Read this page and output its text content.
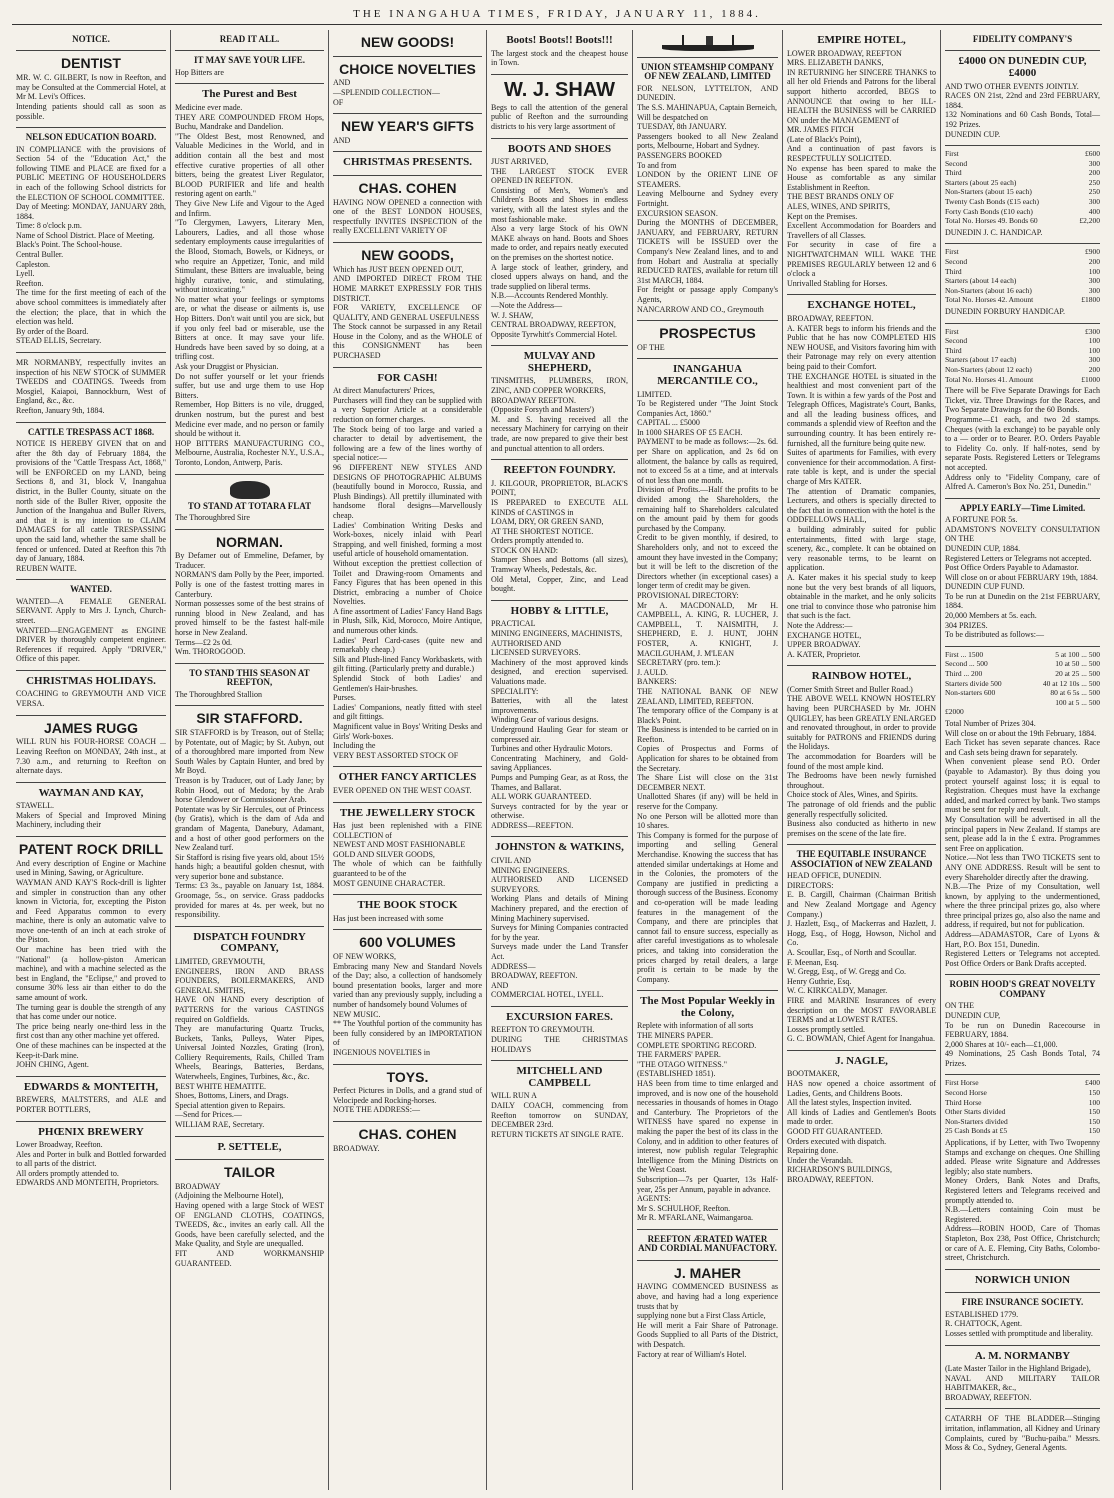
THE INANGAHUA TIMES, FRIDAY, JANUARY 11, 1884.
NOTICE.
DENTIST
MR. W. C. GILBERT, Is now in Reefton, and may be Consulted at the Commercial Hotel, at Mr M. Levi's Offices.
Intending patients should call as soon as possible.
NELSON EDUCATION BOARD.
IN COMPLIANCE with the provisions of Section 54 of the "Education Act," the following TIME and PLACE are fixed for a PUBLIC MEETING OF HOUSEHOLDERS in each of the following School districts for the ELECTION OF SCHOOL COMMITTEE.
Day of Meeting: MONDAY, JANUARY 28th, 1884.
Time: 8 o'clock p.m.
Name of School District. Place of Meeting.
Black's Point. The School-house.
Central Buller.
Capleston.
Lyell.
Reefton.
The time for the first meeting of each of the above school committees is immediately after the election; the place, that in which the election was held.
By order of the Board.
STEAD ELLIS, Secretary.
MR NORMANBY, respectfully invites an inspection of his NEW STOCK of SUMMER TWEEDS and COATINGS. Tweeds from Mosgiel, Kaiapoi, Bannockburn, West of England, &c., &c.
Reefton, January 9th, 1884.
CATTLE TRESPASS ACT 1868.
NOTICE IS HEREBY GIVEN that on and after the 8th day of February 1884, the provisions of the "Cattle Trespass Act, 1868," will be ENFORCED on my LAND, being Sections 8, and 31, block V, Inangahua district, in the Buller County, situate on the north side of the Buller River, opposite the Junction of the Inangahua and Buller Rivers, and that it is my intention to CLAIM DAMAGES for all cattle TRESPASSING upon the said land, whether the same shall be fenced or unfenced. Dated at Reefton this 7th day of January, 1884.
REUBEN WAITE.
WANTED.
WANTED—A FEMALE GENERAL SERVANT. Apply to Mrs J. Lynch, Church-street.
WANTED—ENGAGEMENT as ENGINE DRIVER by thoroughly competent engineer. References if required. Apply "DRIVER," Office of this paper.
CHRISTMAS HOLIDAYS.
COACHING to GREYMOUTH AND VICE VERSA.
JAMES RUGG
WILL RUN his FOUR-HORSE COACH ... Leaving Reefton on MONDAY, 24th inst., at 7.30 a.m., and returning to Reefton on alternate days.
WAYMAN AND KAY,
STAWELL.
Makers of Special and Improved Mining Machinery, including their
PATENT ROCK DRILL
And every description of Engine or Machine used in Mining, Sawing, or Agriculture.
WAYMAN AND KAY'S Rock-drill is lighter and simpler in construction than any other known in Victoria, for, excepting the Piston and Feed Apparatus common to every machine, there is only an automatic valve to move one-tenth of an inch at each stroke of the Piston.
Our machine has been tried with the "National" (a hollow-piston American machine), and with a machine selected as the best in England, the "Eclipse," and proved to consume 30% less air than either to do the same amount of work.
The turning gear is double the strength of any that has come under our notice.
The price being nearly one-third less in the first cost than any other machine yet offered.
One of these machines can be inspected at the Keep-it-Dark mine.
JOHN CHING, Agent.
EDWARDS & MONTEITH,
BREWERS, MALTSTERS, and ALE and PORTER BOTTLERS,
PHŒNIX BREWERY
Lower Broadway, Reefton.
Ales and Porter in bulk and Bottled forwarded to all parts of the district.
All orders promptly attended to.
EDWARDS AND MONTEITH, Proprietors.
READ IT ALL.
IT MAY SAVE YOUR LIFE.
Hop Bitters are
The Purest and Best
Medicine ever made.
THEY ARE COMPOUNDED FROM Hops, Buchu, Mandrake and Dandelion.
"The Oldest Best, most Renowned, and Valuable Medicines in the World, and in addition contain all the best and most effective curative properties of all other bitters, being the greatest Liver Regulator, BLOOD PURIFIER and life and health restoring agent on earth."
They Give New Life and Vigour to the Aged and Infirm.
"To Clergymen, Lawyers, Literary Men, Labourers, Ladies, and all those whose sedentary employments cause irregularities of the Blood, Stomach, Bowels, or Kidneys, or who require an Appetizer, Tonic, and mild Stimulant, these Bitters are invaluable, being highly curative, tonic, and stimulating, without intoxicating."
No matter what your feelings or symptoms are, or what the disease or ailments is, use Hop Bitters. Don't wait until you are sick, but if you only feel bad or miserable, use the Bitters at once. It may save your life. Hundreds have been saved by so doing, at a trifling cost.
Ask your Druggist or Physician.
Do not suffer yourself or let your friends suffer, but use and urge them to use Hop Bitters.
Remember, Hop Bitters is no vile, drugged, drunken nostrum, but the purest and best Medicine ever made, and no person or family should be without it.
HOP BITTERS MANUFACTURING CO., Melbourne, Australia, Rochester N.Y., U.S.A., Toronto, London, Antwerp, Paris.
TO STAND AT TOTARA FLAT
The Thoroughbred Sire
NORMAN.
By Defamer out of Emmeline, Defamer, by Traducer.
NORMAN'S dam Polly by the Peer, imported. Polly is one of the fastest trotting mares in Canterbury.
Norman possesses some of the best strains of running blood in New Zealand, and has proved himself to be the fastest half-mile horse in New Zealand.
Terms—£2 2s 0d.
Wm. THOROGOOD.
TO STAND THIS SEASON AT REEFTON,
The Thoroughbred Stallion
SIR STAFFORD.
SIR STAFFORD is by Treason, out of Stella; by Potentate, out of Magic; by St. Aubyn, out of a thoroughbred mare imported from New South Wales by Captain Hunter, and bred by Mr Boyd.
Treason is by Traducer, out of Lady Jane; by Robin Hood, out of Medora; by the Arab horse Glendower or Commissioner Arab.
Potentate was by Sir Hercules, out of Princess (by Gratis), which is the dam of Ada and grandam of Magenta, Danebury, Adamant, and a host of other good performers on the New Zealand turf.
Sir Stafford is rising five years old, about 15½ hands high; a beautiful golden chesnut, with very superior bone and substance.
Terms: £3 3s., payable on January 1st, 1884. Groomage, 5s., on service. Grass paddocks provided for mares at 4s. per week, but no responsibility.
DISPATCH FOUNDRY COMPANY,
LIMITED, GREYMOUTH,
ENGINEERS, IRON AND BRASS FOUNDERS, BOILERMAKERS, AND GENERAL SMITHS,
HAVE ON HAND every description of PATTERNS for the various CASTINGS required on Goldfields.
They are manufacturing Quartz Trucks, Buckets, Tanks, Pulleys, Water Pipes, Universal Jointed Nozzles, Grating (Iron), Colliery Requirements, Rails, Chilled Tram Wheels, Bearings, Batteries, Berdans, Waterwheels, Engines, Turbines, &c., &c.
BEST WHITE HEMATITE.
Shoes, Bottoms, Liners, and Drags.
Special attention given to Repairs.
—Send for Prices.—
WILLIAM RAE, Secretary.
P. SETTELE,
TAILOR
BROADWAY
(Adjoining the Melbourne Hotel),
Having opened with a large Stock of WEST OF ENGLAND CLOTHS, COATINGS, TWEEDS, &c., invites an early call. All the Goods, have been carefully selected, and the Make Quality, and Style are unequalled.
FIT AND WORKMANSHIP GUARANTEED.
NEW GOODS!
CHOICE NOVELTIES
AND
—SPLENDID COLLECTION—
OF
NEW YEAR'S GIFTS
AND
CHRISTMAS PRESENTS.
CHAS. COHEN
HAVING NOW OPENED a connection with one of the BEST LONDON HOUSES, respectfully INVITES INSPECTION of the really EXCELLENT VARIETY OF
NEW GOODS,
Which has JUST BEEN OPENED OUT,
AND IMPORTED DIRECT FROM THE HOME MARKET EXPRESSLY FOR THIS DISTRICT.
FOR VARIETY, EXCELLENCE OF QUALITY, AND GENERAL USEFULNESS
The Stock cannot be surpassed in any Retail House in the Colony, and as the WHOLE of this CONSIGNMENT has been PURCHASED
FOR CASH!
At direct Manufacturers' Prices,
Purchasers will find they can be supplied with a very Superior Article at a considerable reduction on former charges.
The Stock being of too large and varied a character to detail by advertisement, the following are a few of the lines worthy of special notice:—
96 DIFFERENT NEW STYLES AND DESIGNS OF PHOTOGRAPHIC ALBUMS (beautifully bound in Morocco, Russia, and Plush Bindings). All prettily illuminated with handsome floral designs—Marvellously cheap.
Ladies' Combination Writing Desks and Work-boxes, nicely inlaid with Pearl Strapping, and well finished, forming a most useful article of household ornamentation.
Without exception the prettiest collection of Toilet and Drawing-room Ornaments and Fancy Figures that has been opened in this District, embracing a number of Choice Novelties.
A fine assortment of Ladies' Fancy Hand Bags in Plush, Silk, Kid, Morocco, Moire Antique, and numerous other kinds.
Ladies' Pearl Card-cases (quite new and remarkably cheap.)
Silk and Plush-lined Fancy Workbaskets, with gilt fitting. (Particularly pretty and durable.)
Splendid Stock of both Ladies' and Gentlemen's Hair-brushes.
Purses.
Ladies' Companions, neatly fitted with steel and gilt fittings.
Magnificent value in Boys' Writing Desks and Girls' Work-boxes.
Including the
VERY BEST ASSORTED STOCK OF
OTHER FANCY ARTICLES
EVER OPENED ON THE WEST COAST.
THE JEWELLERY STOCK
Has just been replenished with a FINE COLLECTION of
NEWEST AND MOST FASHIONABLE
GOLD AND SILVER GOODS,
The whole of which can be faithfully guaranteed to be of the
MOST GENUINE CHARACTER.
THE BOOK STOCK
Has just been increased with some
600 VOLUMES
OF NEW WORKS,
Embracing many New and Standard Novels of the Day; also, a collection of handsomely bound presentation books, larger and more varied than any previously supply, including a number of handsomely bound Volumes of
NEW MUSIC.
** The Youthful portion of the community has been fully considered by an IMPORTATION of
INGENIOUS NOVELTIES in
TOYS.
Perfect Pictures in Dolls, and a grand stud of Velocipede and Rocking-horses.
NOTE THE ADDRESS:—
CHAS. COHEN
BROADWAY.
Boots! Boots!! Boots!!!
The largest stock and the cheapest house in Town.
W. J. SHAW
Begs to call the attention of the general public of Reefton and the surrounding districts to his very large assortment of
BOOTS AND SHOES
JUST ARRIVED,
THE LARGEST STOCK EVER OPENED IN REEFTON.
Consisting of Men's, Women's and Children's Boots and Shoes in endless variety, with all the latest styles and the most fashionable make.
Also a very large Stock of his OWN MAKE always on hand. Boots and Shoes made to order, and repairs neatly executed on the premises on the shortest notice.
A large stock of leather, grindery, and closed uppers always on hand, and the trade supplied on liberal terms.
N.B.—Accounts Rendered Monthly.
—Note the Address—
W. J. SHAW,
CENTRAL BROADWAY, REEFTON,
Opposite Tyrwhitt's Commercial Hotel.
MULVAY AND SHEPHERD,
TINSMITHS, PLUMBERS, IRON, ZINC, AND COPPER WORKERS,
BROADWAY REEFTON.
(Opposite Forsyth and Masters')
M. and S. having received all the necessary Machinery for carrying on their trade, are now prepared to give their best and punctual attention to all orders.
REEFTON FOUNDRY.
J. KILGOUR, PROPRIETOR, BLACK'S POINT,
IS PREPARED to EXECUTE ALL KINDS of CASTINGS in
LOAM, DRY, OR GREEN SAND,
AT THE SHORTEST NOTICE.
Orders promptly attended to.
STOCK ON HAND:
Stamper Shoes and Bottoms (all sizes), Tramway Wheels, Pedestals, &c.
Old Metal, Copper, Zinc, and Lead bought.
HOBBY & LITTLE,
PRACTICAL
MINING ENGINEERS, MACHINISTS,
AUTHORISED AND
LICENSED SURVEYORS.
Machinery of the most approved kinds designed, and erection supervised. Valuations made.
SPECIALITY:
Batteries, with all the latest improvements.
Winding Gear of various designs.
Underground Hauling Gear for steam or compressed air.
Turbines and other Hydraulic Motors.
Concentrating Machinery, and Gold-saving Appliances.
Pumps and Pumping Gear, as at Ross, the Thames, and Ballarat.
ALL WORK GUARANTEED.
Surveys contracted for by the year or otherwise.
ADDRESS—REEFTON.
JOHNSTON & WATKINS,
CIVIL AND
MINING ENGINEERS.
AUTHORISED AND LICENSED SURVEYORS.
Working Plans and details of Mining Machinery prepared, and the erection of Mining Machinery supervised.
Surveys for Mining Companies contracted for by the year.
Surveys made under the Land Transfer Act.
ADDRESS—
BROADWAY, REEFTON.
AND
COMMERCIAL HOTEL, LYELL.
EXCURSION FARES.
REEFTON TO GREYMOUTH.
DURING THE CHRISTMAS HOLIDAYS
MITCHELL AND CAMPBELL
WILL RUN A
DAILY COACH, commencing from Reefton tomorrow on SUNDAY, DECEMBER 23rd.
RETURN TICKETS AT SINGLE RATE.
UNION STEAMSHIP COMPANY OF NEW ZEALAND, LIMITED
FOR NELSON, LYTTELTON, AND DUNEDIN.
The S.S. MAHINAPUA, Captain Berneich,
Will be despatched on
TUESDAY, 8th JANUARY.
Passengers booked to all New Zealand ports, Melbourne, Hobart and Sydney.
PASSENGERS BOOKED
To and from
LONDON by the ORIENT LINE OF STEAMERS.
Leaving Melbourne and Sydney every Fortnight.
EXCURSION SEASON.
During the MONTHS of DECEMBER, JANUARY, and FEBRUARY, RETURN TICKETS will be ISSUED over the Company's New Zealand lines, and to and from Hobart and Australia at specially REDUCED RATES, available for return till 31st MARCH, 1884.
For freight or passage apply Company's Agents,
NANCARROW AND CO., Greymouth
PROSPECTUS
OF THE
INANGAHUA MERCANTILE CO.,
LIMITED.
To be Registered under "The Joint Stock Companies Act, 1860."
CAPITAL ... £5000
In 1000 SHARES OF £5 EACH.
PAYMENT to be made as follows:—2s. 6d. per Share on application, and 2s 6d on allotment, the balance by calls as required, not to exceed 5s at a time, and at intervals of not less than one month.
Division of Profits.—Half the profits to be divided among the Shareholders, the remaining half to Shareholders calculated on the amount paid by them for goods purchased by the Company.
Credit to be given monthly, if desired, to Shareholders only, and not to exceed the amount they have invested in the Company; but it will be left to the discretion of the Directors whether (in exceptional cases) a longer term of credit may be given.
PROVISIONAL DIRECTORY:
Mr A. MACDONALD, Mr H. CAMPBELL, A. KING, R. LUCHER, J. CAMPBELL, T. NAISMITH, J. SHEPHERD, E. J. HUNT, JOHN FOSTER, A. KNIGHT, J. MACILGUHAM, J. M'LEAN
SECRETARY (pro. tem.):
J. AULD.
BANKERS:
THE NATIONAL BANK OF NEW ZEALAND, LIMITED, REEFTON.
The temporary office of the Company is at Black's Point.
The Business is intended to be carried on in Reefton.
Copies of Prospectus and Forms of Application for shares to be obtained from the Secretary.
The Share List will close on the 31st DECEMBER NEXT.
Unallotted Shares (if any) will be held in reserve for the Company.
No one Person will be allotted more than 10 shares.
This Company is formed for the purpose of importing and selling General Merchandise. Knowing the success that has attended similar undertakings at Home and in the Colonies, the promoters of the Company are justified in predicting a thorough success of the Business. Economy and co-operation will be made leading features in the management of the Company, and there are principles that cannot fail to ensure success, especially as after careful investigations as to wholesale prices, and taking into consideration the prices charged by retail dealers, a large profit is certain to be made by the Company.
The Most Popular Weekly in the Colony,
Replete with information of all sorts
THE MINERS PAPER.
COMPLETE SPORTING RECORD.
THE FARMERS' PAPER.
"THE OTAGO WITNESS."
(ESTABLISHED 1851).
HAS been from time to time enlarged and improved, and is now one of the household necessaries in thousands of homes in Otago and Canterbury. The Proprietors of the WITNESS have spared no expense in making the paper the best of its class in the Colony, and in addition to other features of interest, now publish regular Telegraphic Intelligence from the Mining Districts on the West Coast.
Subscription—7s per Quarter, 13s Half-year, 25s per Annum, payable in advance.
AGENTS:
Mr S. SCHULHOF, Reefton.
Mr R. M'FARLANE, Waimangaroa.
REEFTON ÆRATED WATER AND CORDIAL MANUFACTORY.
J. MAHER
HAVING COMMENCED BUSINESS as above, and having had a long experience trusts that by
supplying none but a First Class Article,
He will merit a Fair Share of Patronage. Goods Supplied to all Parts of the District, with Despatch.
Factory at rear of William's Hotel.
EMPIRE HOTEL,
LOWER BROADWAY, REEFTON
MRS. ELIZABETH DANKS,
IN RETURNING her SINCERE THANKS to all her old Friends and Patrons for the liberal support hitherto accorded, BEGS to ANNOUNCE that owing to her ILL-HEALTH the BUSINESS will be CARRIED ON under the MANAGEMENT of
MR. JAMES FITCH
(Late of Black's Point),
And a continuation of past favors is RESPECTFULLY SOLICITED.
No expense has been spared to make the House as comfortable as any similar Establishment in Reefton.
THE BEST BRANDS ONLY OF
ALES, WINES, AND SPIRITS,
Kept on the Premises.
Excellent Accommodation for Boarders and Travellers of all Classes.
For security in case of fire a NIGHTWATCHMAN WILL WAKE THE PREMISES REGULARLY between 12 and 6 o'clock a
Unrivalled Stabling for Horses.
EXCHANGE HOTEL,
BROADWAY, REEFTON.
A. KATER begs to inform his friends and the Public that he has now COMPLETED HIS NEW HOUSE, and Visitors favoring him with their Patronage may rely on every attention being paid to their Comfort.
THE EXCHANGE HOTEL is situated in the healthiest and most convenient part of the Town. It is within a few yards of the Post and Telegraph Offices, Magistrate's Court, Banks, and all the leading business offices, and commands a splendid view of Reefton and the surrounding country. It has been entirely re-furnished, all the furniture being quite new.
Suites of apartments for Families, with every convenience for their accommodation. A first-rate table is kept, and is under the special charge of Mrs KATER.
The attention of Dramatic companies, Lecturers, and others is specially directed to the fact that in connection with the hotel is the
ODDFELLOWS HALL,
a building admirably suited for public entertainments, fitted with large stage, scenery, &c., complete. It can be obtained on very reasonable terms, to be learnt on application.
A. Kater makes it his special study to keep none but the very best brands of all liquors, obtainable in the market, and he only solicits one trial to convince those who patronise him that such is the fact.
Note the Address:—
EXCHANGE HOTEL,
UPPER BROADWAY.
A. KATER, Proprietor.
RAINBOW HOTEL,
(Corner Smith Street and Buller Road.)
THE ABOVE WELL KNOWN HOSTELRY having been PURCHASED by Mr. JOHN QUIGLEY, has been GREATLY ENLARGED and renovated throughout, in order to provide suitably for PATRONS and FRIENDS during the Holidays.
The accommodation for Boarders will be found of the most ample kind.
The Bedrooms have been newly furnished throughout.
Choice stock of Ales, Wines, and Spirits.
The patronage of old friends and the public generally respectfully solicited.
Business also conducted as hitherto in new premises on the scene of the late fire.
THE EQUITABLE INSURANCE ASSOCIATION of NEW ZEALAND
HEAD OFFICE, DUNEDIN.
DIRECTORS:
E. B. Cargill, Chairman (Chairman British and New Zealand Mortgage and Agency Company.)
J. Hazlett, Esq., of Mackerras and Hazlett, J. Hogg, Esq., of Hogg, Howson, Nichol and Co.
A. Scoullar, Esq., of North and Scoullar.
F. Meenan, Esq.
W. Gregg, Esq., of W. Gregg and Co.
Henry Guthrie, Esq.
W. C. KIRKCALDY, Manager.
FIRE and MARINE Insurances of every description on the MOST FAVORABLE TERMS and at LOWEST RATES.
Losses promptly settled.
G. C. BOWMAN, Chief Agent for Inangahua.
J. NAGLE,
BOOTMAKER,
HAS now opened a choice assortment of Ladies, Gents, and Childrens Boots.
All the latest styles, Inspection invited.
All kinds of Ladies and Gentlemen's Boots made to order.
GOOD FIT GUARANTEED.
Orders executed with dispatch.
Repairing done.
Under the Verandah.
RICHARDSON'S BUILDINGS,
BROADWAY, REEFTON.
FIDELITY COMPANY'S
£4000 ON DUNEDIN CUP, £4000
AND TWO OTHER EVENTS JOINTLY.
RACES ON 21st, 22nd and 23rd FEBRUARY, 1884.
132 Nominations and 60 Cash Bonds, Total—192 Prizes.
DUNEDIN CUP.
First	£600
Second	300
Third	200
Starters (about 25 each)	250
Non-Starters (about 15 each)	250
Twenty Cash Bonds (£15 each)	300
Forty Cash Bonds (£10 each)	400
Total No. Horses 49. Bonds 60	£2,200
DUNEDIN J. C. HANDICAP.
First	£900
Second	200
Third	100
Starters (about 14 each)	300
Non-Starters (about 16 each)	300
Total No. Horses 42. Amount	£1800
DUNEDIN FORBURY HANDICAP.
First	£300
Second	100
Third	100
Starters (about 17 each)	300
Non-Starters (about 12 each)	200
Total No. Horses 41. Amount	£1000
There will be Five Separate Drawings for Each Ticket, viz. Three Drawings for the Races, and Two Separate Drawings for the 60 Bonds.
Programme—£1 each, and two 2d stamps. Cheques (with la exchange) to be payable only to a — order or to Bearer. P.O. Orders Payable to Fidelity Co. only. If half-notes, send by separate Posts. Registered Letters or Telegrams not accepted.
Address only to "Fidelity Company, care of Alfred A. Cameron's Box No. 251, Dunedin."
APPLY EARLY—Time Limited.
A FORTUNE FOR 5s.
ADAMSTON'S NOVELTY CONSULTATION ON THE
DUNEDIN CUP, 1884.
Registered Letters or Telegrams not accepted.
Post Office Orders Payable to Adamastor.
Will close on or about FEBRUARY 19th, 1884.
DUNEDIN CUP FUND.
To be run at Dunedin on the 21st FEBRUARY, 1884.
20,000 Members at 5s. each.
304 PRIZES.
To be distributed as follows:—
First ... 1500	5 at 100 ... 500
Second ... 500	10 at 50 ... 500
Third ... 200	20 at 25 ... 500
Starters divide 500	40 at 12 10s ... 500
Non-starters 600	80 at 6 5s ... 500
	100 at 5 ... 500
£2000	
Total Number of Prizes 304.
Will close on or about the 19th February, 1884.
Each Ticket has seven separate chances. Race and Cash sets being drawn for separately.
When convenient please send P.O. Order (payable to Adamastor). By thus doing you protect yourself against loss; it is equal to Registration. Cheques must have la exchange added, and marked correct by bank. Two stamps must be sent for reply and result.
My Consultation will be advertised in all the principal papers in New Zealand. If stamps are sent, please add la in the £ extra. Programmes sent Free on application.
Notice.—Not less than TWO TICKETS sent to ANY ONE ADDRESS. Result will be sent to every Shareholder directly after the drawing.
N.B.—The Prize of my Consultation, well known, by applying to the undermentioned, where the three principal prizes go, also where three principal prizes go, also also the name and address, if required, but not for publication.
Address—ADAMASTOR, Care of Lyons & Hart, P.O. Box 151, Dunedin.
Registered Letters or Telegrams not accepted. Post Office Orders or Bank Drafts accepted.
ROBIN HOOD'S GREAT NOVELTY COMPANY
ON THE
DUNEDIN CUP,
To be run on Dunedin Racecourse in FEBRUARY, 1884.
2,000 Shares at 10/- each—£1,000.
49 Nominations, 25 Cash Bonds Total, 74 Prizes.
First Horse	£400
Second Horse	150
Third Horse	100
Other Starts divided	150
Non-Starters divided	150
25 Cash Bonds at £5	150
Applications, if by Letter, with Two Twopenny Stamps and exchange on cheques. One Shilling added. Please write Signature and Addresses legibly; also state numbers.
Money Orders, Bank Notes and Drafts, Registered letters and Telegrams received and promptly attended to.
N.B.—Letters containing Coin must be Registered.
Address—ROBIN HOOD, Care of Thomas Stapleton, Box 238, Post Office, Christchurch; or care of A. E. Fleming, City Baths, Colombo-street, Christchurch.
NORWICH UNION
FIRE INSURANCE SOCIETY.
ESTABLISHED 1779.
R. CHATTOCK, Agent.
Losses settled with promptitude and liberality.
A. M. NORMANBY
(Late Master Tailor in the Highland Brigade),
NAVAL AND MILITARY TAILOR HABITMAKER, &c.,
BROADWAY, REEFTON.
CATARRH OF THE BLADDER—Stinging irritation, inflammation, all Kidney and Urinary Complaints, cured by "Buchu-paiba." Messrs. Moss & Co., Sydney, General Agents.
